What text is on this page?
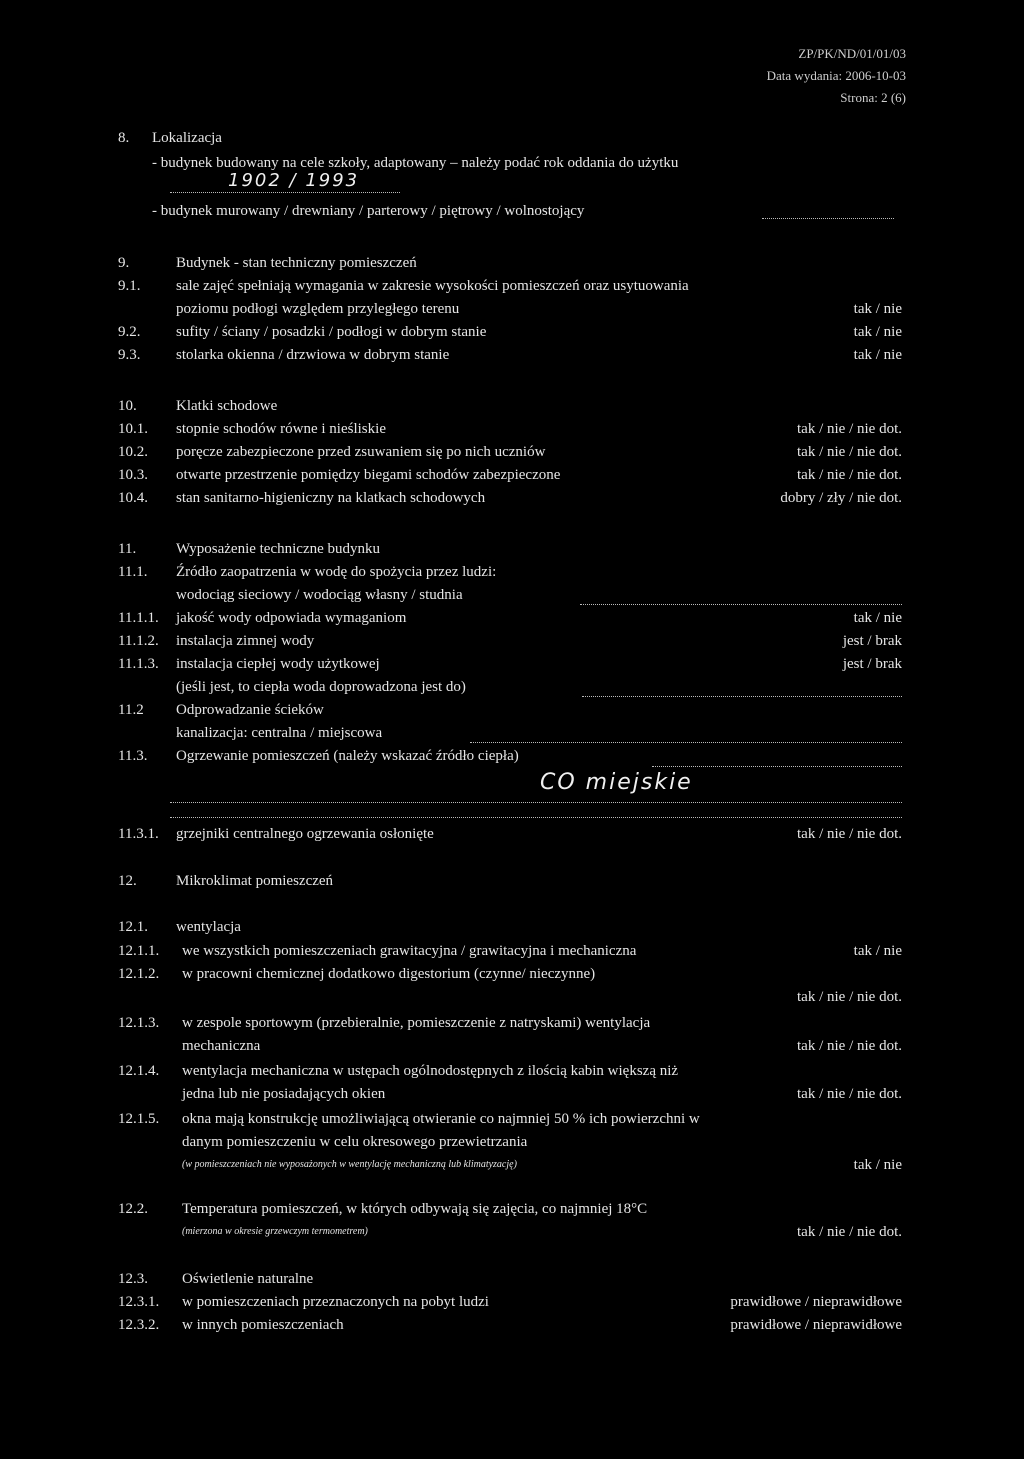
ZP/PK/ND/01/01/03
Data wydania: 2006-10-03
Strona: 2 (6)
8. Lokalizacja
- budynek budowany na cele szkoły, adaptowany – należy podać rok oddania do użytku
1902 / 1993
- budynek murowany / drewniany / parterowy / piętrowy / wolnostojący
9.	Budynek - stan techniczny pomieszczeń
9.1. sale zajęć spełniają wymagania w zakresie wysokości pomieszczeń oraz usytuowania
poziomu podłogi względem przyległego terenu	tak / nie
9.2. sufity / ściany / posadzki / podłogi w dobrym stanie	tak / nie
9.3. stolarka okienna / drzwiowa w dobrym stanie	tak / nie
10.	Klatki schodowe
10.1. stopnie schodów równe i nieśliskie	tak / nie / nie dot.
10.2. poręcze zabezpieczone przed zsuwaniem się po nich uczniów	tak / nie / nie dot.
10.3. otwarte przestrzenie pomiędzy biegami schodów zabezpieczone	tak / nie / nie dot.
10.4. stan sanitarno-higieniczny na klatkach schodowych	dobry / zły / nie dot.
11.	Wyposażenie techniczne budynku
11.1. Źródło zaopatrzenia w wodę do spożycia przez ludzi:
wodociąg sieciowy / wodociąg własny / studnia
11.1.1. jakość wody odpowiada wymaganiom	tak / nie
11.1.2. instalacja zimnej wody	jest / brak
11.1.3. instalacja ciepłej wody użytkowej	jest / brak
(jeśli jest, to ciepła woda doprowadzona jest do)
11.2 Odprowadzanie ścieków
kanalizacja: centralna / miejscowa
11.3. Ogrzewanie pomieszczeń (należy wskazać źródło ciepła)
CO miejskie
11.3.1. grzejniki centralnego ogrzewania osłonięte	tak / nie / nie dot.
12.	Mikroklimat pomieszczeń
12.1. wentylacja
12.1.1. we wszystkich pomieszczeniach grawitacyjna / grawitacyjna i mechaniczna	tak / nie
12.1.2. w pracowni chemicznej dodatkowo digestorium (czynne/ nieczynne)
tak / nie / nie dot.
12.1.3. w zespole sportowym (przebieralnie, pomieszczenie z natryskami) wentylacja
mechaniczna	tak / nie / nie dot.
12.1.4. wentylacja mechaniczna w ustępach ogólnodostępnych z ilością kabin większą niż
jedna lub nie posiadających okien	tak / nie / nie dot.
12.1.5. okna mają konstrukcję umożliwiającą otwieranie co najmniej 50 % ich powierzchni w
danym pomieszczeniu w celu okresowego przewietrzania
(w pomieszczeniach nie wyposażonych w wentylację mechaniczną lub klimatyzację)	tak / nie
12.2. Temperatura pomieszczeń, w których odbywają się zajęcia, co najmniej 18°C
(mierzona w okresie grzewczym termometrem)	tak / nie / nie dot.
12.3. Oświetlenie naturalne
12.3.1. w pomieszczeniach przeznaczonych na pobyt ludzi	prawidłowe / nieprawidłowe
12.3.2. w innych pomieszczeniach	prawidłowe / nieprawidłowe
